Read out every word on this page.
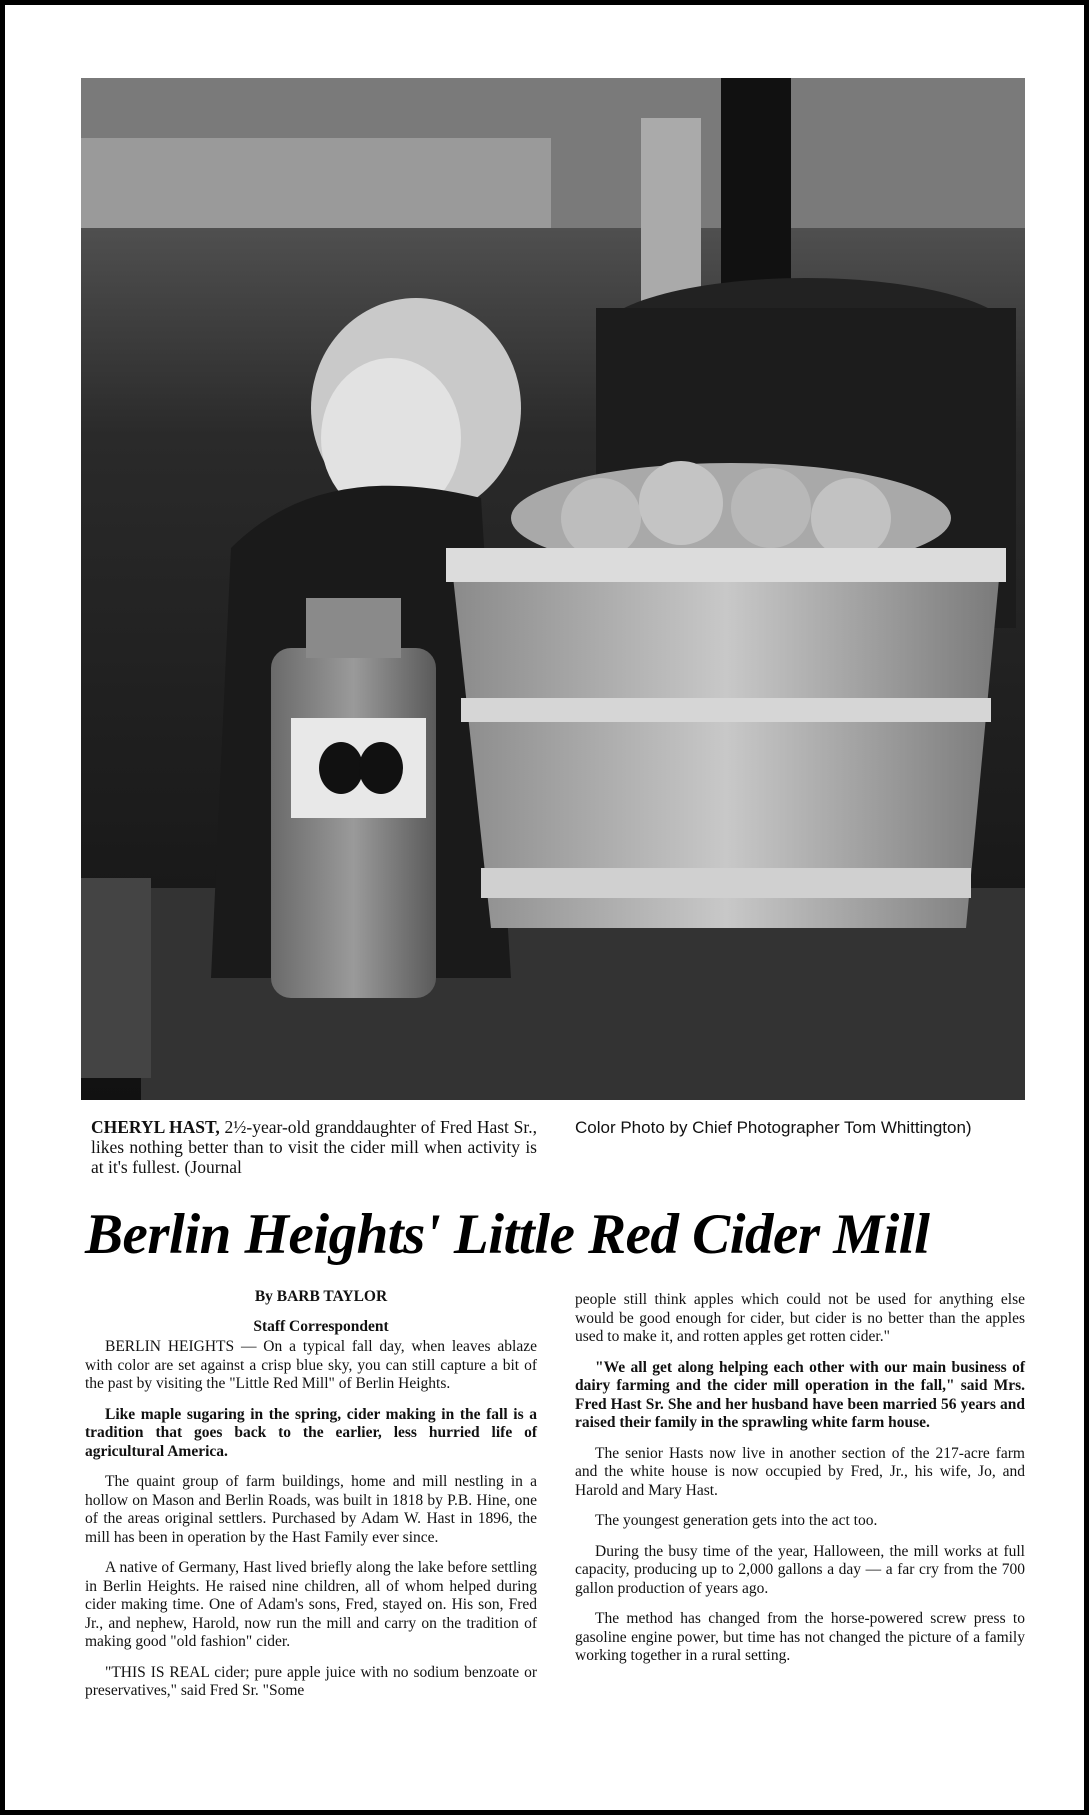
CHERYL HAST, 2½-year-old granddaughter of Fred Hast Sr., likes nothing better than to visit the cider mill when activity is at it's fullest. (Journal
Color Photo by Chief Photographer Tom Whittington)
Berlin Heights' Little Red Cider Mill

By BARB TAYLOR

Staff Correspondent

BERLIN HEIGHTS — On a typical fall day, when leaves ablaze with color are set against a crisp blue sky, you can still capture a bit of the past by visiting the "Little Red Mill" of Berlin Heights.

Like maple sugaring in the spring, cider making in the fall is a tradition that goes back to the earlier, less hurried life of agricultural America.

The quaint group of farm buildings, home and mill nestling in a hollow on Mason and Berlin Roads, was built in 1818 by P.B. Hine, one of the areas original settlers. Purchased by Adam W. Hast in 1896, the mill has been in operation by the Hast Family ever since.

A native of Germany, Hast lived briefly along the lake before settling in Berlin Heights. He raised nine children, all of whom helped during cider making time. One of Adam's sons, Fred, stayed on. His son, Fred Jr., and nephew, Harold, now run the mill and carry on the tradition of making good "old fashion" cider.

"THIS IS REAL cider; pure apple juice with no sodium benzoate or preservatives," said Fred Sr. "Some

people still think apples which could not be used for anything else would be good enough for cider, but cider is no better than the apples used to make it, and rotten apples get rotten cider."

"We all get along helping each other with our main business of dairy farming and the cider mill operation in the fall," said Mrs. Fred Hast Sr. She and her husband have been married 56 years and raised their family in the sprawling white farm house.

The senior Hasts now live in another section of the 217-acre farm and the white house is now occupied by Fred, Jr., his wife, Jo, and Harold and Mary Hast.

The youngest generation gets into the act too.

During the busy time of the year, Halloween, the mill works at full capacity, producing up to 2,000 gallons a day — a far cry from the 700 gallon production of years ago.

The method has changed from the horse-powered screw press to gasoline engine power, but time has not changed the picture of a family working together in a rural setting.
